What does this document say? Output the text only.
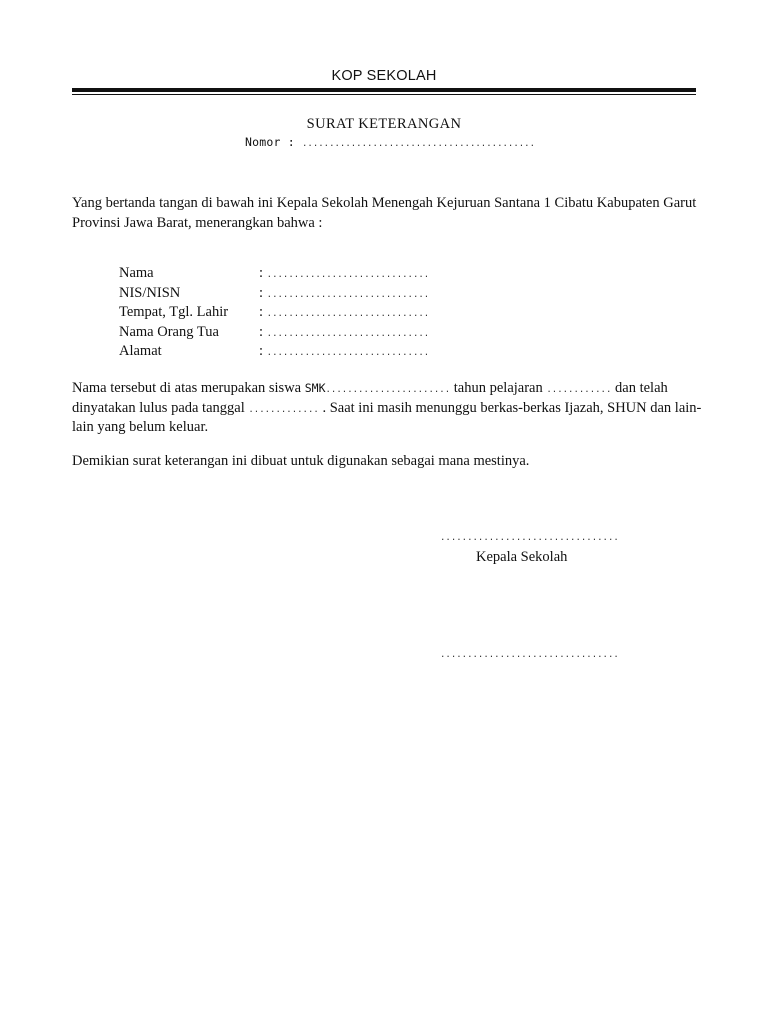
KOP SEKOLAH
SURAT KETERANGAN
Nomor : ...........................................
Yang bertanda tangan di bawah ini Kepala Sekolah Menengah Kejuruan Santana 1 Cibatu Kabupaten Garut Provinsi Jawa Barat, menerangkan bahwa :
Nama	: ..............................
NIS/NISN	: ..............................
Tempat, Tgl. Lahir : ..............................
Nama Orang Tua	: ..............................
Alamat	: ..............................
Nama tersebut di atas merupakan siswa SMK....................... tahun pelajaran ............ dan telah dinyatakan lulus pada tanggal ............. . Saat ini masih menunggu berkas-berkas Ijazah, SHUN dan lain-lain yang belum keluar.
Demikian surat keterangan ini dibuat untuk digunakan sebagai mana mestinya.
.................................
Kepala Sekolah
.................................
